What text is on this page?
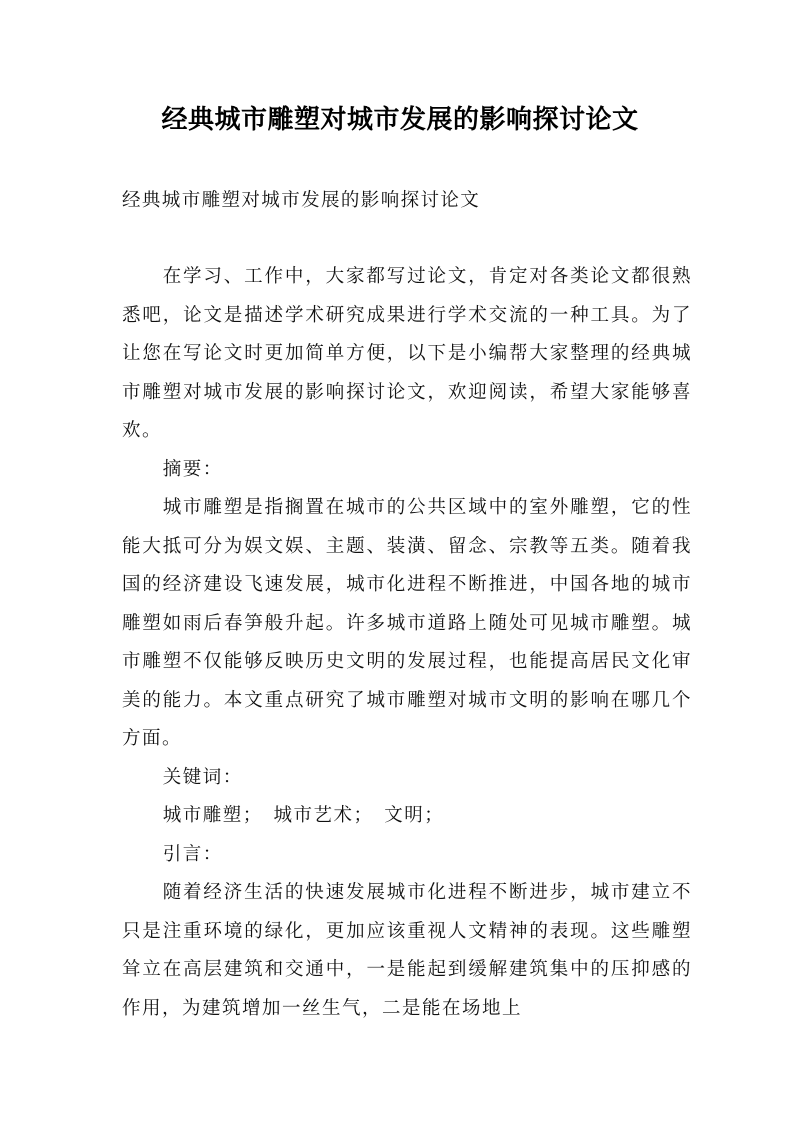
经典城市雕塑对城市发展的影响探讨论文
经典城市雕塑对城市发展的影响探讨论文

在学习、工作中，大家都写过论文，肯定对各类论文都很熟悉吧，论文是描述学术研究成果进行学术交流的一种工具。为了让您在写论文时更加简单方便，以下是小编帮大家整理的经典城市雕塑对城市发展的影响探讨论文，欢迎阅读，希望大家能够喜欢。

摘要：

城市雕塑是指搁置在城市的公共区域中的室外雕塑，它的性能大抵可分为娱文娱、主题、装潢、留念、宗教等五类。随着我国的经济建设飞速发展，城市化进程不断推进，中国各地的城市雕塑如雨后春笋般升起。许多城市道路上随处可见城市雕塑。城市雕塑不仅能够反映历史文明的发展过程，也能提高居民文化审美的能力。本文重点研究了城市雕塑对城市文明的影响在哪几个方面。

关键词：

城市雕塑；　城市艺术；　文明；

引言：

随着经济生活的快速发展城市化进程不断进步，城市建立不只是注重环境的绿化，更加应该重视人文精神的表现。这些雕塑耸立在高层建筑和交通中，一是能起到缓解建筑集中的压抑感的作用，为建筑增加一丝生气，二是能在场地上
